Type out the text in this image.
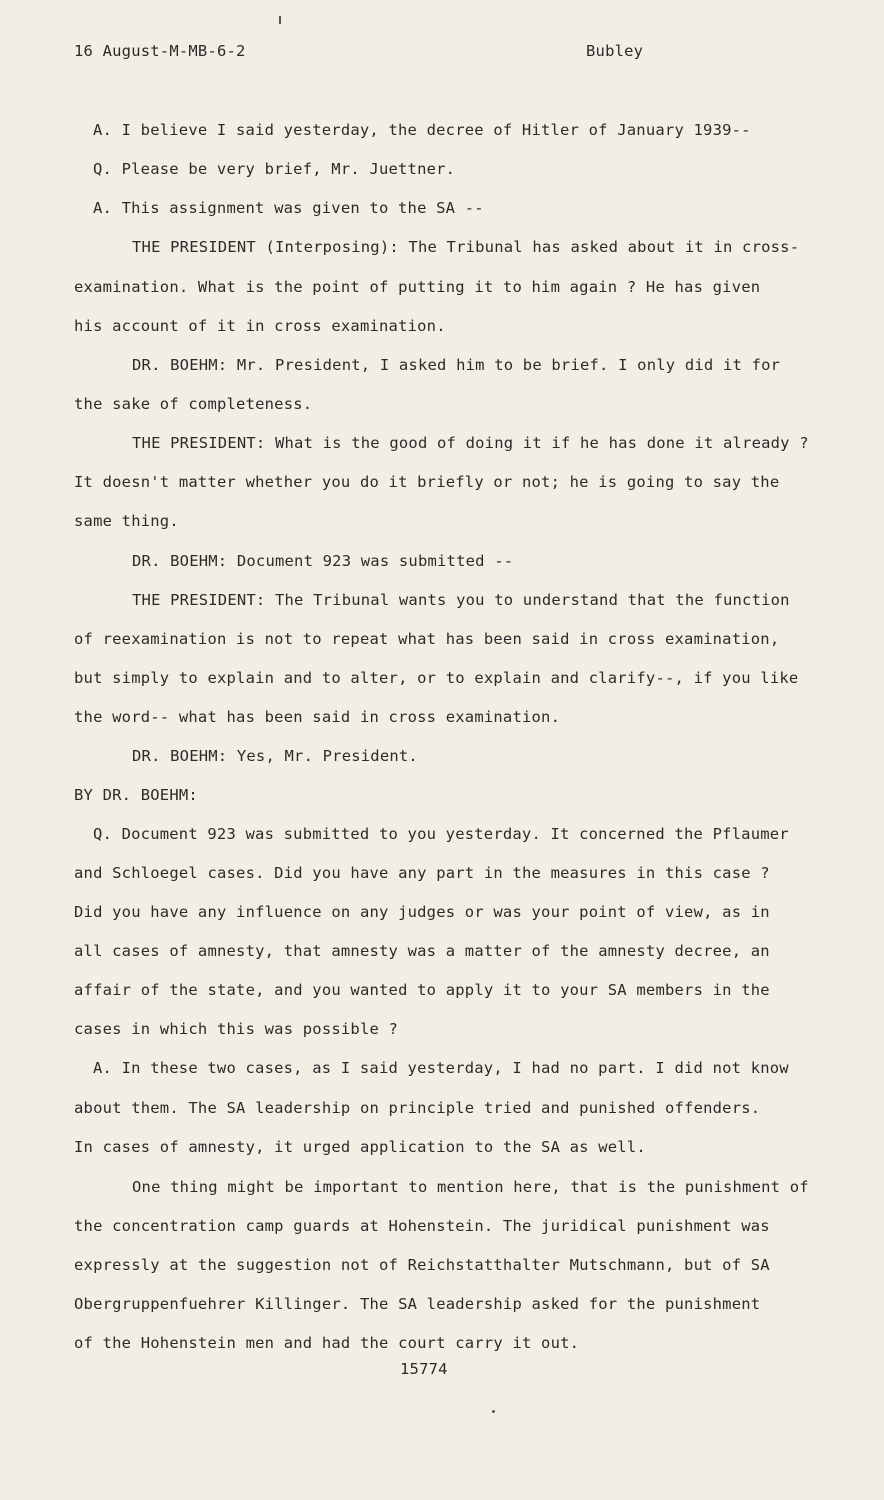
16 August-M-MB-6-2	Bubley
A. I believe I said yesterday, the decree of Hitler of January 1939--
Q. Please be very brief, Mr. Juettner.
A. This assignment was given to the SA --
THE PRESIDENT (Interposing): The Tribunal has asked about it in cross-
examination. What is the point of putting it to him again ? He has given
his account of it in cross examination.
DR. BOEHM: Mr. President, I asked him to be brief. I only did it for
the sake of completeness.
THE PRESIDENT: What is the good of doing it if he has done it already ?
It doesn't matter whether you do it briefly or not; he is going to say the
same thing.
DR. BOEHM: Document 923 was submitted --
THE PRESIDENT: The Tribunal wants you to understand that the function
of reexamination is not to repeat what has been said in cross examination,
but simply to explain and to alter, or to explain and clarify--, if you like
the word-- what has been said in cross examination.
DR. BOEHM: Yes, Mr. President.
BY DR. BOEHM:
Q. Document 923 was submitted to you yesterday. It concerned the Pflaumer
and Schloegel cases. Did you have any part in the measures in this case ?
Did you have any influence on any judges or was your point of view, as in
all cases of amnesty, that amnesty was a matter of the amnesty decree, an
affair of the state, and you wanted to apply it to your SA members in the
cases in which this was possible ?
A. In these two cases, as I said yesterday, I had no part. I did not know
about them. The SA leadership on principle tried and punished offenders.
In cases of amnesty, it urged application to the SA as well.
One thing might be important to mention here, that is the punishment of
the concentration camp guards at Hohenstein. The juridical punishment was
expressly at the suggestion not of Reichstatthalter Mutschmann, but of SA
Obergruppenfuehrer Killinger. The SA leadership asked for the punishment
of the Hohenstein men and had the court carry it out.
15774
